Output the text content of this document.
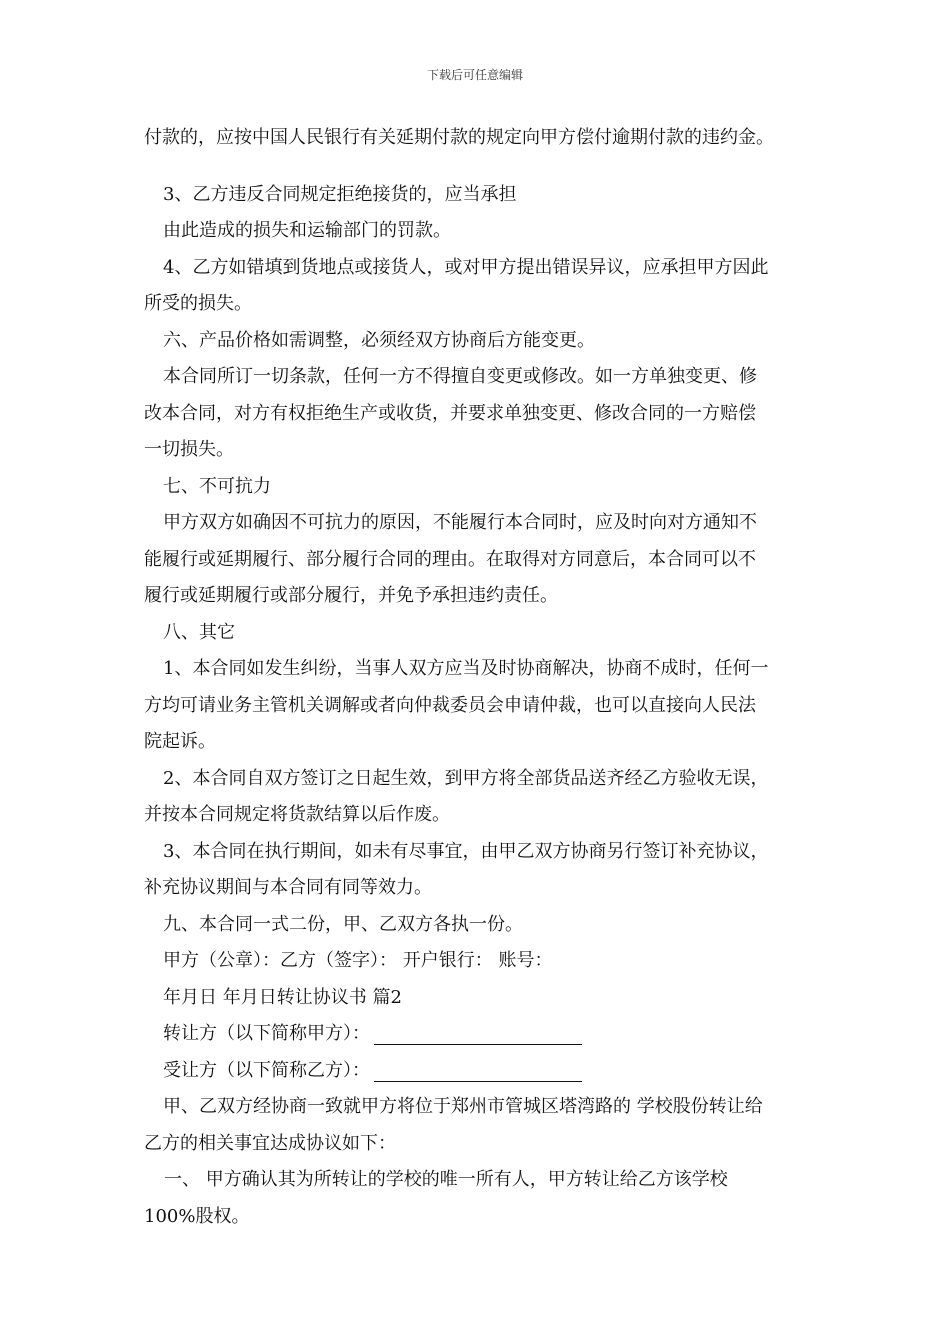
下载后可任意编辑
付款的，应按中国人民银行有关延期付款的规定向甲方偿付逾期付款的违约金。
3、乙方违反合同规定拒绝接货的，应当承担
由此造成的损失和运输部门的罚款。
4、乙方如错填到货地点或接货人，或对甲方提出错误异议，应承担甲方因此
所受的损失。
六、产品价格如需调整，必须经双方协商后方能变更。
本合同所订一切条款，任何一方不得擅自变更或修改。如一方单独变更、修
改本合同，对方有权拒绝生产或收货，并要求单独变更、修改合同的一方赔偿
一切损失。
七、不可抗力
甲方双方如确因不可抗力的原因，不能履行本合同时，应及时向对方通知不
能履行或延期履行、部分履行合同的理由。在取得对方同意后，本合同可以不
履行或延期履行或部分履行，并免予承担违约责任。
八、其它
1、本合同如发生纠纷，当事人双方应当及时协商解决，协商不成时，任何一
方均可请业务主管机关调解或者向仲裁委员会申请仲裁，也可以直接向人民法
院起诉。
2、本合同自双方签订之日起生效，到甲方将全部货品送齐经乙方验收无误，
并按本合同规定将货款结算以后作废。
3、本合同在执行期间，如未有尽事宜，由甲乙双方协商另行签订补充协议，
补充协议期间与本合同有同等效力。
九、本合同一式二份，甲、乙双方各执一份。
甲方（公章）：乙方（签字）： 开户银行： 账号：
年月日 年月日转让协议书 篇2
转让方（以下简称甲方）：
受让方（以下简称乙方）：
甲、乙双方经协商一致就甲方将位于郑州市管城区塔湾路的 学校股份转让给
乙方的相关事宜达成协议如下：
一、 甲方确认其为所转让的学校的唯一所有人，甲方转让给乙方该学校
100%股权。
